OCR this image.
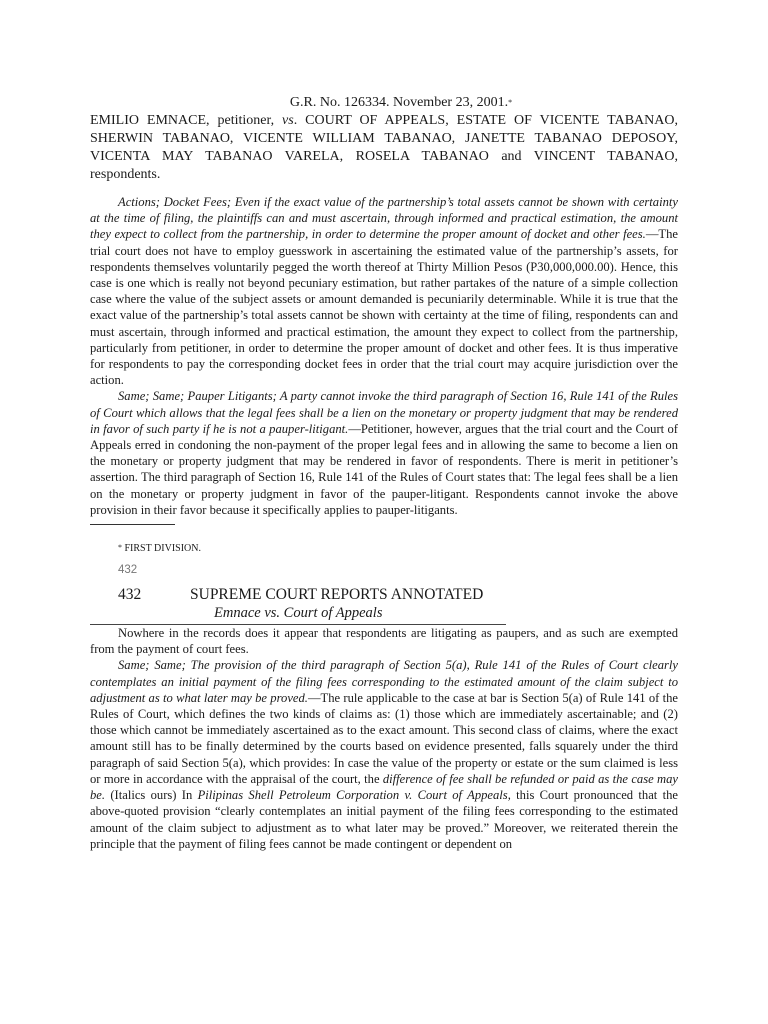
G.R. No. 126334. November 23, 2001.*
EMILIO EMNACE, petitioner, vs. COURT OF APPEALS, ESTATE OF VICENTE TABANAO, SHERWIN TABANAO, VICENTE WILLIAM TABANAO, JANETTE TABANAO DEPOSOY, VICENTA MAY TABANAO VARELA, ROSELA TABANAO and VINCENT TABANAO, respondents.

Actions; Docket Fees; Even if the exact value of the partnership’s total assets cannot be shown with certainty at the time of filing, the plaintiffs can and must ascertain, through informed and practical estimation, the amount they expect to collect from the partnership, in order to determine the proper amount of docket and other fees.—The trial court does not have to employ guesswork in ascertaining the estimated value of the partnership’s assets, for respondents themselves voluntarily pegged the worth thereof at Thirty Million Pesos (P30,000,000.00). Hence, this case is one which is really not beyond pecuniary estimation, but rather partakes of the nature of a simple collection case where the value of the subject assets or amount demanded is pecuniarily determinable. While it is true that the exact value of the partnership’s total assets cannot be shown with certainty at the time of filing, respondents can and must ascertain, through informed and practical estimation, the amount they expect to collect from the partnership, particularly from petitioner, in order to determine the proper amount of docket and other fees. It is thus imperative for respondents to pay the corresponding docket fees in order that the trial court may acquire jurisdiction over the action.

Same; Same; Pauper Litigants; A party cannot invoke the third paragraph of Section 16, Rule 141 of the Rules of Court which allows that the legal fees shall be a lien on the monetary or property judgment that may be rendered in favor of such party if he is not a pauper-litigant.—Petitioner, however, argues that the trial court and the Court of Appeals erred in condoning the non-payment of the proper legal fees and in allowing the same to become a lien on the monetary or property judgment that may be rendered in favor of respondents. There is merit in petitioner’s assertion. The third paragraph of Section 16, Rule 141 of the Rules of Court states that: The legal fees shall be a lien on the monetary or property judgment in favor of the pauper-litigant. Respondents cannot invoke the above provision in their favor because it specifically applies to pauper-litigants.

* FIRST DIVISION.
432
432	SUPREME COURT REPORTS ANNOTATED
Emnace vs. Court of Appeals

Nowhere in the records does it appear that respondents are litigating as paupers, and as such are exempted from the payment of court fees.

Same; Same; The provision of the third paragraph of Section 5(a), Rule 141 of the Rules of Court clearly contemplates an initial payment of the filing fees corresponding to the estimated amount of the claim subject to adjustment as to what later may be proved.—The rule applicable to the case at bar is Section 5(a) of Rule 141 of the Rules of Court, which defines the two kinds of claims as: (1) those which are immediately ascertainable; and (2) those which cannot be immediately ascertained as to the exact amount. This second class of claims, where the exact amount still has to be finally determined by the courts based on evidence presented, falls squarely under the third paragraph of said Section 5(a), which provides: In case the value of the property or estate or the sum claimed is less or more in accordance with the appraisal of the court, the difference of fee shall be refunded or paid as the case may be. (Italics ours) In Pilipinas Shell Petroleum Corporation v. Court of Appeals, this Court pronounced that the above-quoted provision “clearly contemplates an initial payment of the filing fees corresponding to the estimated amount of the claim subject to adjustment as to what later may be proved.” Moreover, we reiterated therein the principle that the payment of filing fees cannot be made contingent or dependent on
